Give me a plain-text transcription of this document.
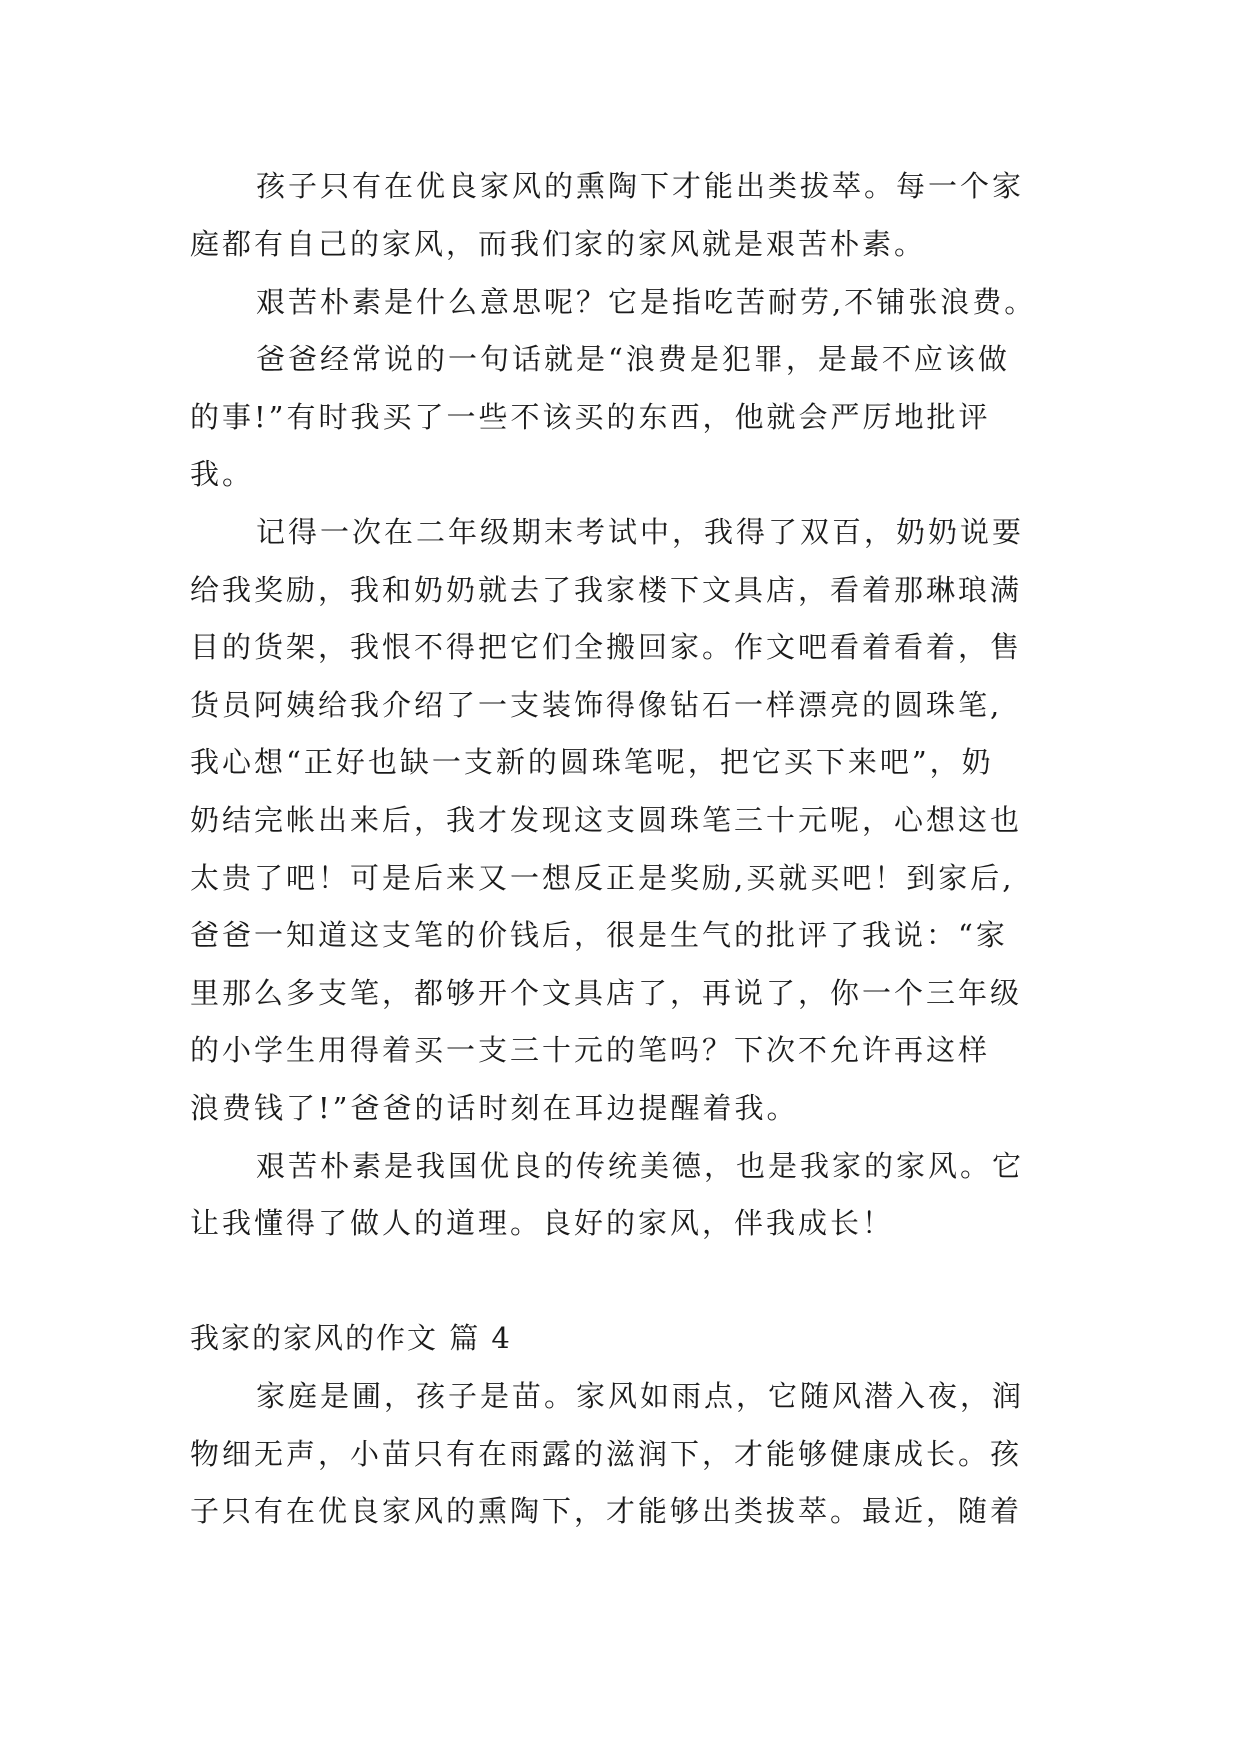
孩子只有在优良家风的熏陶下才能出类拔萃。每一个家
庭都有自己的家风，而我们家的家风就是艰苦朴素。
艰苦朴素是什么意思呢？它是指吃苦耐劳,不铺张浪费。
爸爸经常说的一句话就是“浪费是犯罪，是最不应该做
的事!”有时我买了一些不该买的东西，他就会严厉地批评
我。
记得一次在二年级期末考试中，我得了双百，奶奶说要
给我奖励，我和奶奶就去了我家楼下文具店，看着那琳琅满
目的货架，我恨不得把它们全搬回家。作文吧看着看着，售
货员阿姨给我介绍了一支装饰得像钻石一样漂亮的圆珠笔,
我心想“正好也缺一支新的圆珠笔呢，把它买下来吧”，奶
奶结完帐出来后，我才发现这支圆珠笔三十元呢，心想这也
太贵了吧！可是后来又一想反正是奖励,买就买吧！到家后,
爸爸一知道这支笔的价钱后，很是生气的批评了我说：“家
里那么多支笔，都够开个文具店了，再说了，你一个三年级
的小学生用得着买一支三十元的笔吗？下次不允许再这样
浪费钱了!”爸爸的话时刻在耳边提醒着我。
艰苦朴素是我国优良的传统美德，也是我家的家风。它
让我懂得了做人的道理。良好的家风，伴我成长！
我家的家风的作文 篇 4
家庭是圃，孩子是苗。家风如雨点，它随风潜入夜，润
物细无声，小苗只有在雨露的滋润下，才能够健康成长。孩
子只有在优良家风的熏陶下，才能够出类拔萃。最近，随着
